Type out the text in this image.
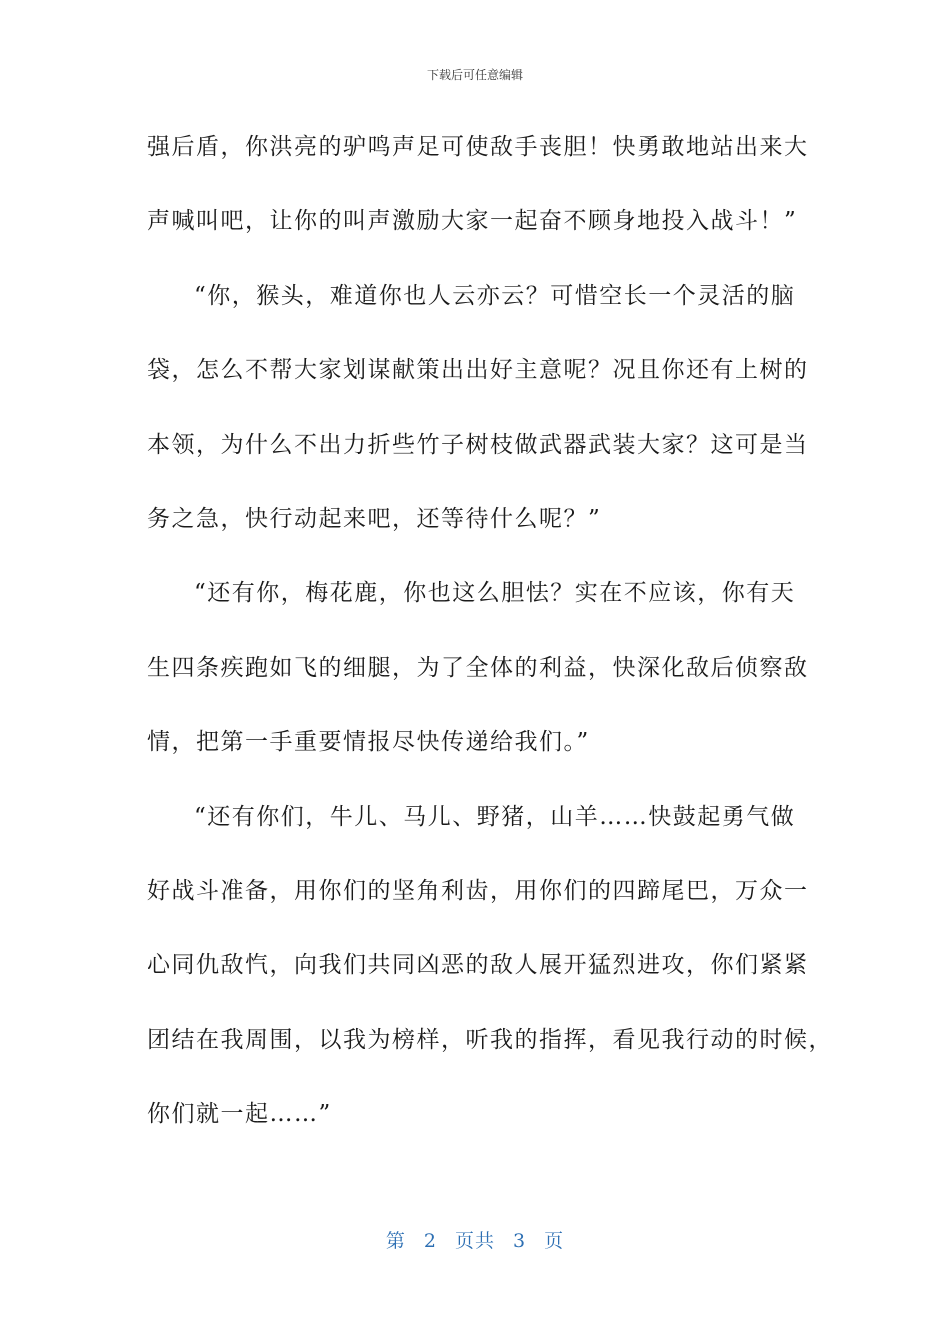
下载后可任意编辑
强后盾，你洪亮的驴鸣声足可使敌手丧胆！快勇敢地站出来大
声喊叫吧，让你的叫声激励大家一起奋不顾身地投入战斗！”
“你，猴头，难道你也人云亦云？可惜空长一个灵活的脑
袋，怎么不帮大家划谋献策出出好主意呢？况且你还有上树的
本领，为什么不出力折些竹子树枝做武器武装大家？这可是当
务之急，快行动起来吧，还等待什么呢？”
“还有你，梅花鹿，你也这么胆怯？实在不应该，你有天
生四条疾跑如飞的细腿，为了全体的利益，快深化敌后侦察敌
情，把第一手重要情报尽快传递给我们。”
“还有你们，牛儿、马儿、野猪，山羊……快鼓起勇气做
好战斗准备，用你们的坚角利齿，用你们的四蹄尾巴，万众一
心同仇敌忾，向我们共同凶恶的敌人展开猛烈进攻，你们紧紧
团结在我周围，以我为榜样，听我的指挥，看见我行动的时候，
你们就一起……”
第 2 页共 3 页
